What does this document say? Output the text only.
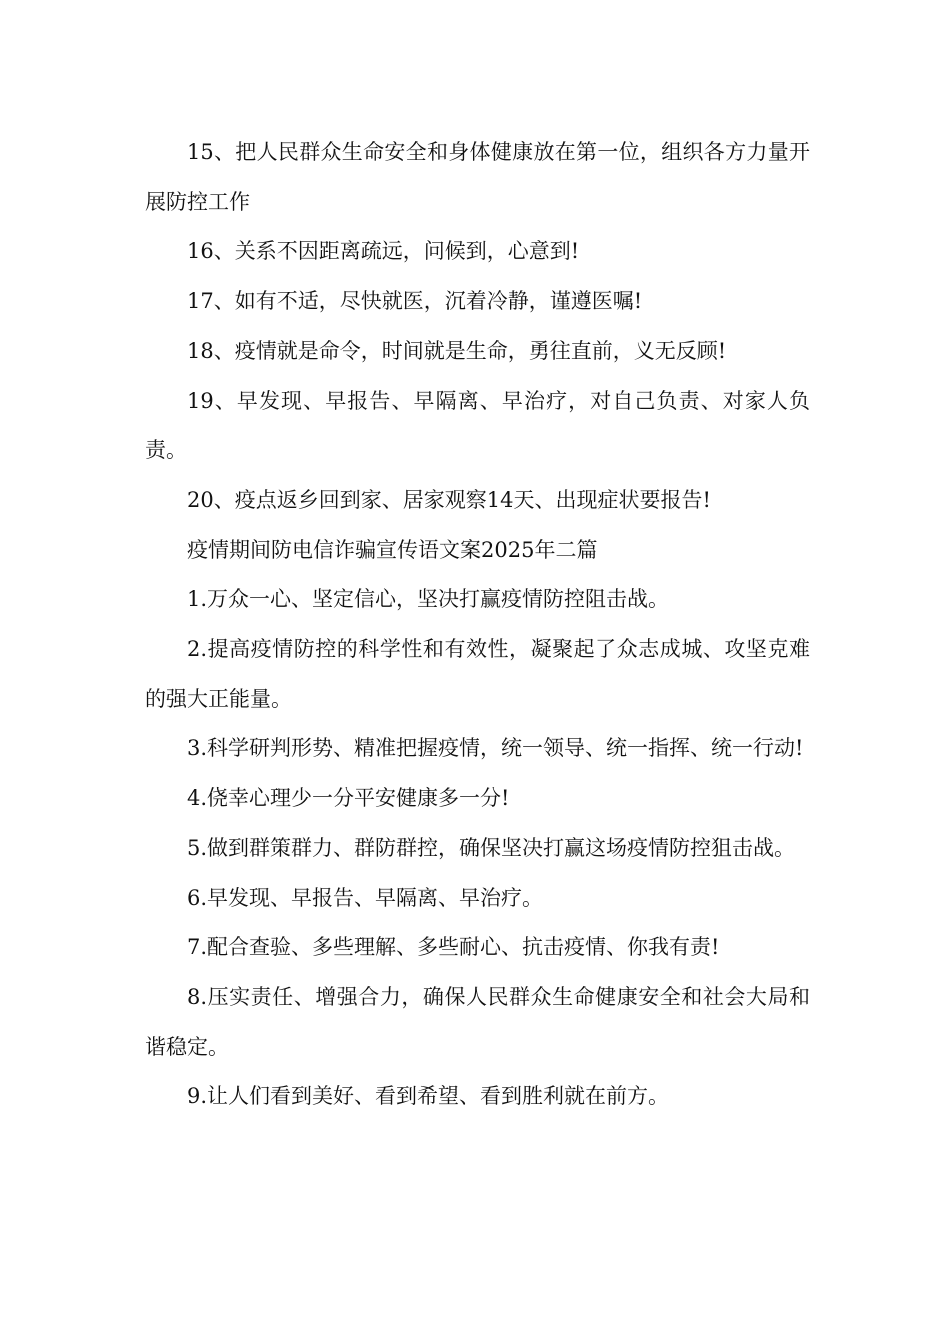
15、把人民群众生命安全和身体健康放在第一位，组织各方力量开展防控工作

16、关系不因距离疏远，问候到，心意到!

17、如有不适，尽快就医，沉着冷静，谨遵医嘱!

18、疫情就是命令，时间就是生命，勇往直前，义无反顾!

19、早发现、早报告、早隔离、早治疗，对自己负责、对家人负责。

20、疫点返乡回到家、居家观察14天、出现症状要报告!

疫情期间防电信诈骗宣传语文案2025年二篇

1.万众一心、坚定信心，坚决打赢疫情防控阻击战。

2.提高疫情防控的科学性和有效性，凝聚起了众志成城、攻坚克难的强大正能量。

3.科学研判形势、精准把握疫情，统一领导、统一指挥、统一行动!

4.侥幸心理少一分平安健康多一分!

5.做到群策群力、群防群控，确保坚决打赢这场疫情防控狙击战。

6.早发现、早报告、早隔离、早治疗。

7.配合查验、多些理解、多些耐心、抗击疫情、你我有责!

8.压实责任、增强合力，确保人民群众生命健康安全和社会大局和谐稳定。

9.让人们看到美好、看到希望、看到胜利就在前方。
